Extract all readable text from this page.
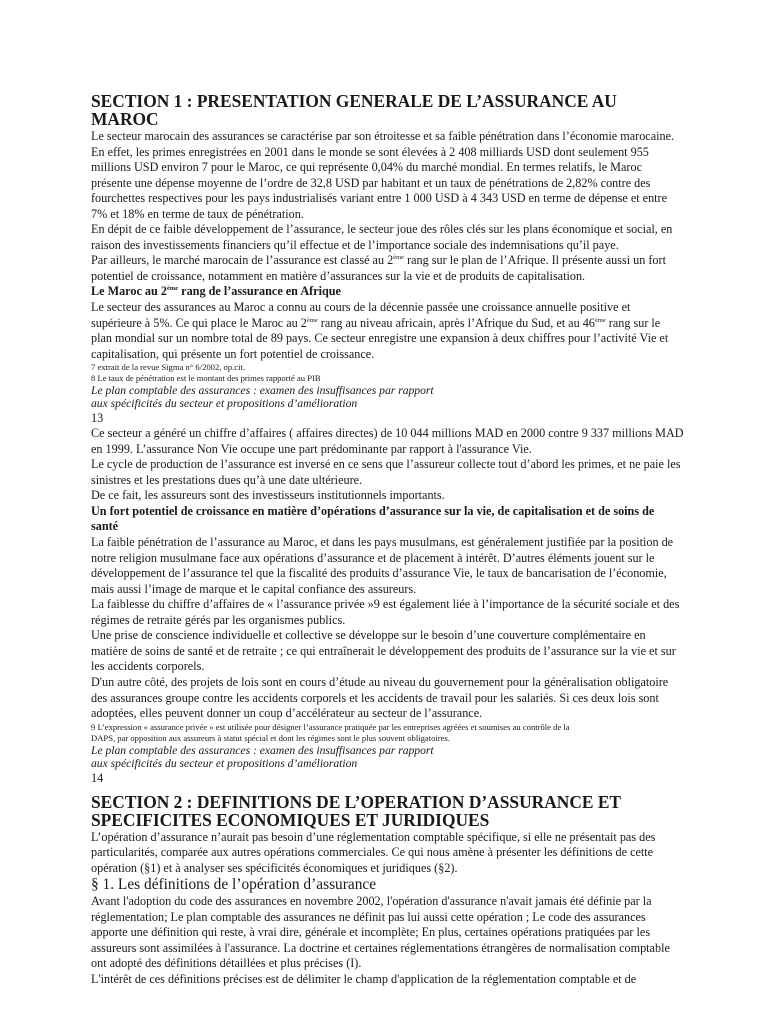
SECTION 1 : PRESENTATION GENERALE DE L’ASSURANCE AU MAROC

Le secteur marocain des assurances se caractérise par son étroitesse et sa faible pénétration dans l’économie marocaine. En effet, les primes enregistrées en 2001 dans le monde se sont élevées à 2 408 milliards USD dont seulement 955 millions USD environ 7 pour le Maroc, ce qui représente 0,04% du marché mondial. En termes relatifs, le Maroc présente une dépense moyenne de l’ordre de 32,8 USD par habitant et un taux de pénétrations de 2,82% contre des fourchettes respectives pour les pays industrialisés variant entre 1 000 USD à 4 343 USD en terme de dépense et entre 7% et 18% en terme de taux de pénétration.

En dépit de ce faible développement de l’assurance, le secteur joue des rôles clés sur les plans économique et social, en raison des investissements financiers qu’il effectue et de l’importance sociale des indemnisations qu’il paye.

Par ailleurs, le marché marocain de l’assurance est classé au 2ème rang sur le plan de l’Afrique. Il présente aussi un fort potentiel de croissance, notamment en matière d’assurances sur la vie et de produits de capitalisation.

Le Maroc au 2ème rang de l’assurance en Afrique

Le secteur des assurances au Maroc a connu au cours de la décennie passée une croissance annuelle positive et supérieure à 5%. Ce qui place le Maroc au 2ème rang au niveau africain, après l’Afrique du Sud, et au 46ème rang sur le plan mondial sur un nombre total de 89 pays. Ce secteur enregistre une expansion à deux chiffres pour l’activité Vie et capitalisation, qui présente un fort potentiel de croissance.

7 extrait de la revue Sigma n° 6/2002, op.cit.

8 Le taux de pénétration est le montant des primes rapporté au PIB

Le plan comptable des assurances : examen des insuffisances par rapport

aux spécificités du secteur et propositions d’amélioration

13

Ce secteur a généré un chiffre d’affaires ( affaires directes) de 10 044 millions MAD en 2000 contre 9 337 millions MAD en 1999. L’assurance Non Vie occupe une part prédominante par rapport à l'assurance Vie.

Le cycle de production de l’assurance est inversé en ce sens que l’assureur collecte tout d’abord les primes, et ne paie les sinistres et les prestations dues qu’à une date ultérieure.

De ce fait, les assureurs sont des investisseurs institutionnels importants.

Un fort potentiel de croissance en matière d’opérations d’assurance sur la vie, de capitalisation et de soins de santé

La faible pénétration de l’assurance au Maroc, et dans les pays musulmans, est généralement justifiée par la position de notre religion musulmane face aux opérations d’assurance et de placement à intérêt. D’autres éléments jouent sur le développement de l’assurance tel que la fiscalité des produits d’assurance Vie, le taux de bancarisation de l’économie, mais aussi l’image de marque et le capital confiance des assureurs.

La faiblesse du chiffre d’affaires de « l’assurance privée »9 est également liée à l’importance de la sécurité sociale et des régimes de retraite gérés par les organismes publics.

Une prise de conscience individuelle et collective se développe sur le besoin d’une couverture complémentaire en matière de soins de santé et de retraite ; ce qui entraînerait le développement des produits de l’assurance sur la vie et sur les accidents corporels.

D'un autre côté, des projets de lois sont en cours d’étude au niveau du gouvernement pour la généralisation obligatoire des assurances groupe contre les accidents corporels et les accidents de travail pour les salariés. Si ces deux lois sont adoptées, elles peuvent donner un coup d’accélérateur au secteur de l’assurance.

9 L’expression « assurance privée » est utilisée pour désigner l’assurance pratiquée par les entreprises agréées et soumises au contrôle de la

DAPS, par opposition aux assureurs à statut spécial et dont les régimes sont le plus souvent obligatoires.

Le plan comptable des assurances : examen des insuffisances par rapport

aux spécificités du secteur et propositions d’amélioration

14

SECTION 2 : DEFINITIONS DE L’OPERATION D’ASSURANCE ET SPECIFICITES ECONOMIQUES ET JURIDIQUES

L’opération d’assurance n’aurait pas besoin d’une réglementation comptable spécifique, si elle ne présentait pas des particularités, comparée aux autres opérations commerciales. Ce qui nous amène à présenter les définitions de cette opération (§1) et à analyser ses spécificités économiques et juridiques (§2).

§ 1. Les définitions de l’opération d’assurance

Avant l'adoption du code des assurances en novembre 2002, l'opération d'assurance n'avait jamais été définie par la réglementation; Le plan comptable des assurances ne définit pas lui aussi cette opération ; Le code des assurances apporte une définition qui reste, à vrai dire, générale et incomplète; En plus, certaines opérations pratiquées par les assureurs sont assimilées à l'assurance. La doctrine et certaines réglementations étrangères de normalisation comptable ont adopté des définitions détaillées et plus précises (I).

L'intérêt de ces définitions précises est de délimiter le champ d'application de la réglementation comptable et de
